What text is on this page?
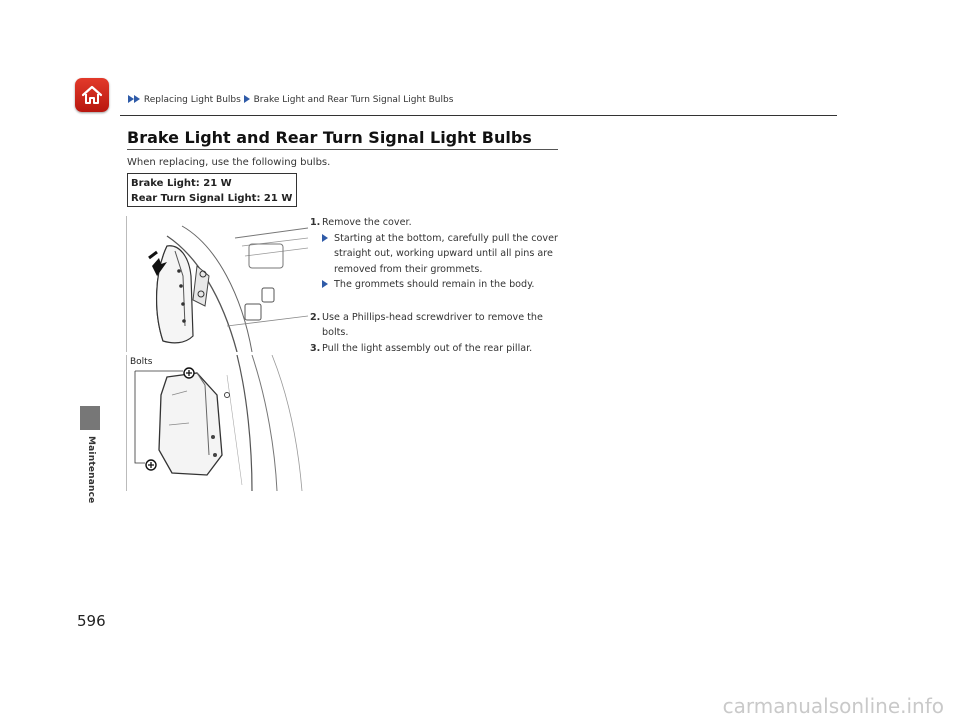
Replacing Light Bulbs Brake Light and Rear Turn Signal Light Bulbs
Maintenance
Brake Light and Rear Turn Signal Light Bulbs
When replacing, use the following bulbs.
Brake Light: 21 W
Rear Turn Signal Light: 21 W
Bolts
1. Remove the cover.
Starting at the bottom, carefully pull the cover straight out, working upward until all pins are removed from their grommets.
The grommets should remain in the body.
2. Use a Phillips-head screwdriver to remove the bolts.
3. Pull the light assembly out of the rear pillar.
596
carmanualsonline.info
